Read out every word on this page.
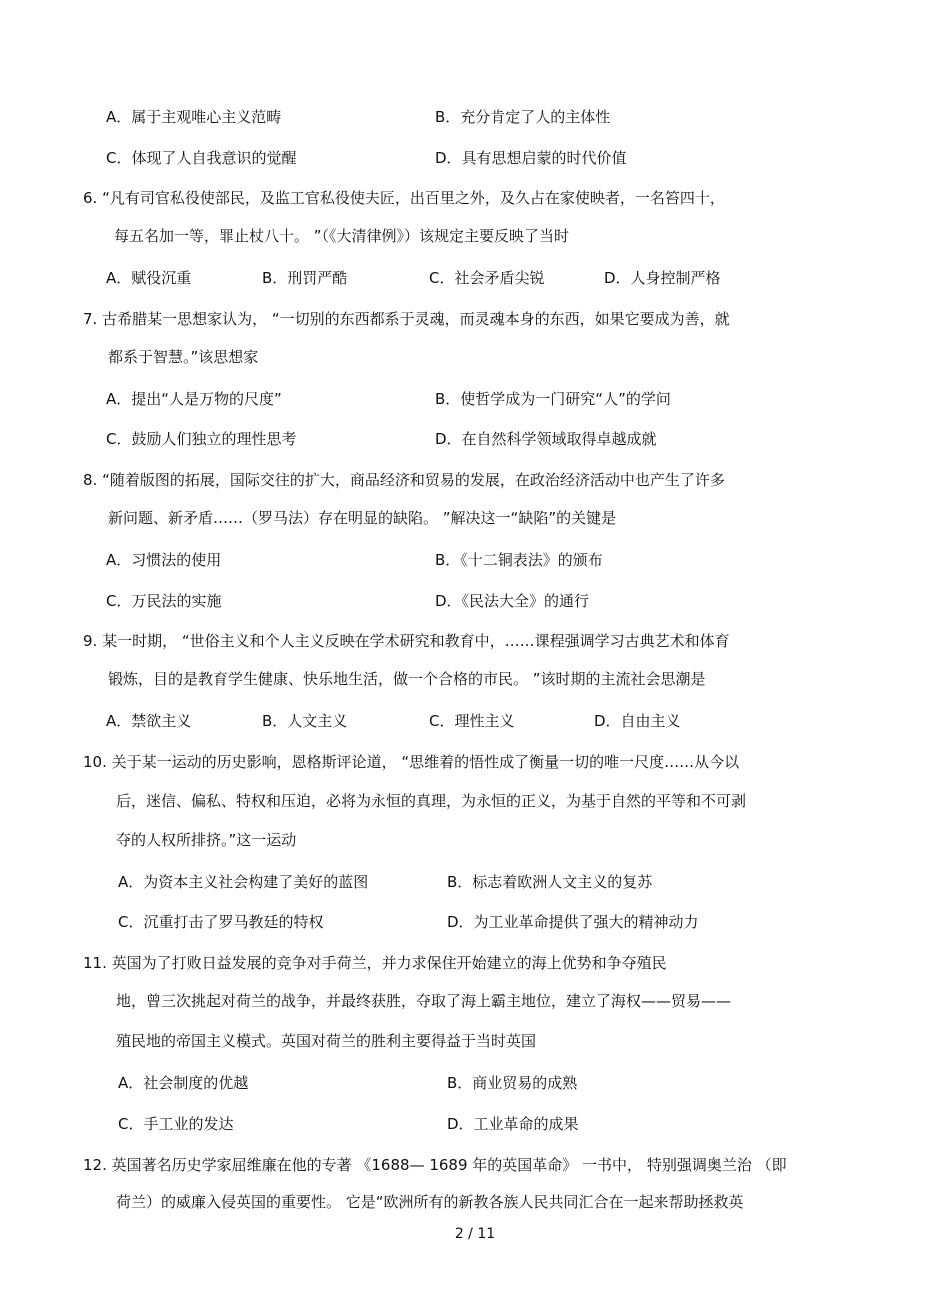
A．属于主观唯心主义范畴	B．充分肯定了人的主体性
C．体现了人自我意识的觉醒	D．具有思想启蒙的时代价值
6. “凡有司官私役使部民，及监工官私役使夫匠，出百里之外，及久占在家使映者，一名笞四十，
每五名加一等，罪止杖八十。 ”（《大清律例》）该规定主要反映了当时
A．赋役沉重	B．刑罚严酷	C．社会矛盾尖锐	D．人身控制严格
7. 古希腊某一思想家认为， “一切别的东西都系于灵魂，而灵魂本身的东西，如果它要成为善，就
都系于智慧。”该思想家
A．提出“人是万物的尺度”	B．使哲学成为一门研究“人”的学问
C．鼓励人们独立的理性思考	D．在自然科学领域取得卓越成就
8. “随着版图的拓展，国际交往的扩大，商品经济和贸易的发展，在政治经济活动中也产生了许多
新问题、新矛盾……（罗马法）存在明显的缺陷。 ”解决这一“缺陷”的关键是
A．习惯法的使用	B．《十二铜表法》的颁布
C．万民法的实施	D．《民法大全》的通行
9. 某一时期， “世俗主义和个人主义反映在学术研究和教育中，……课程强调学习古典艺术和体育
锻炼，目的是教育学生健康、快乐地生活，做一个合格的市民。 ”该时期的主流社会思潮是
A．禁欲主义	B．人文主义	C．理性主义	D．自由主义
10. 关于某一运动的历史影响，恩格斯评论道， “思维着的悟性成了衡量一切的唯一尺度……从今以
后，迷信、偏私、特权和压迫，必将为永恒的真理，为永恒的正义，为基于自然的平等和不可剥
夺的人权所排挤。”这一运动
A．为资本主义社会构建了美好的蓝图	B．标志着欧洲人文主义的复苏
C．沉重打击了罗马教廷的特权	D．为工业革命提供了强大的精神动力
11. 英国为了打败日益发展的竞争对手荷兰，并力求保住开始建立的海上优势和争夺殖民
地，曾三次挑起对荷兰的战争，并最终获胜，夺取了海上霸主地位，建立了海权——贸易——
殖民地的帝国主义模式。英国对荷兰的胜利主要得益于当时英国
A．社会制度的优越	B．商业贸易的成熟
C．手工业的发达	D．工业革命的成果
12. 英国著名历史学家屈维廉在他的专著 《1688— 1689 年的英国革命》 一书中， 特别强调奥兰治 （即
荷兰）的威廉入侵英国的重要性。 它是“欧洲所有的新教各族人民共同汇合在一起来帮助拯救英
2 / 11
